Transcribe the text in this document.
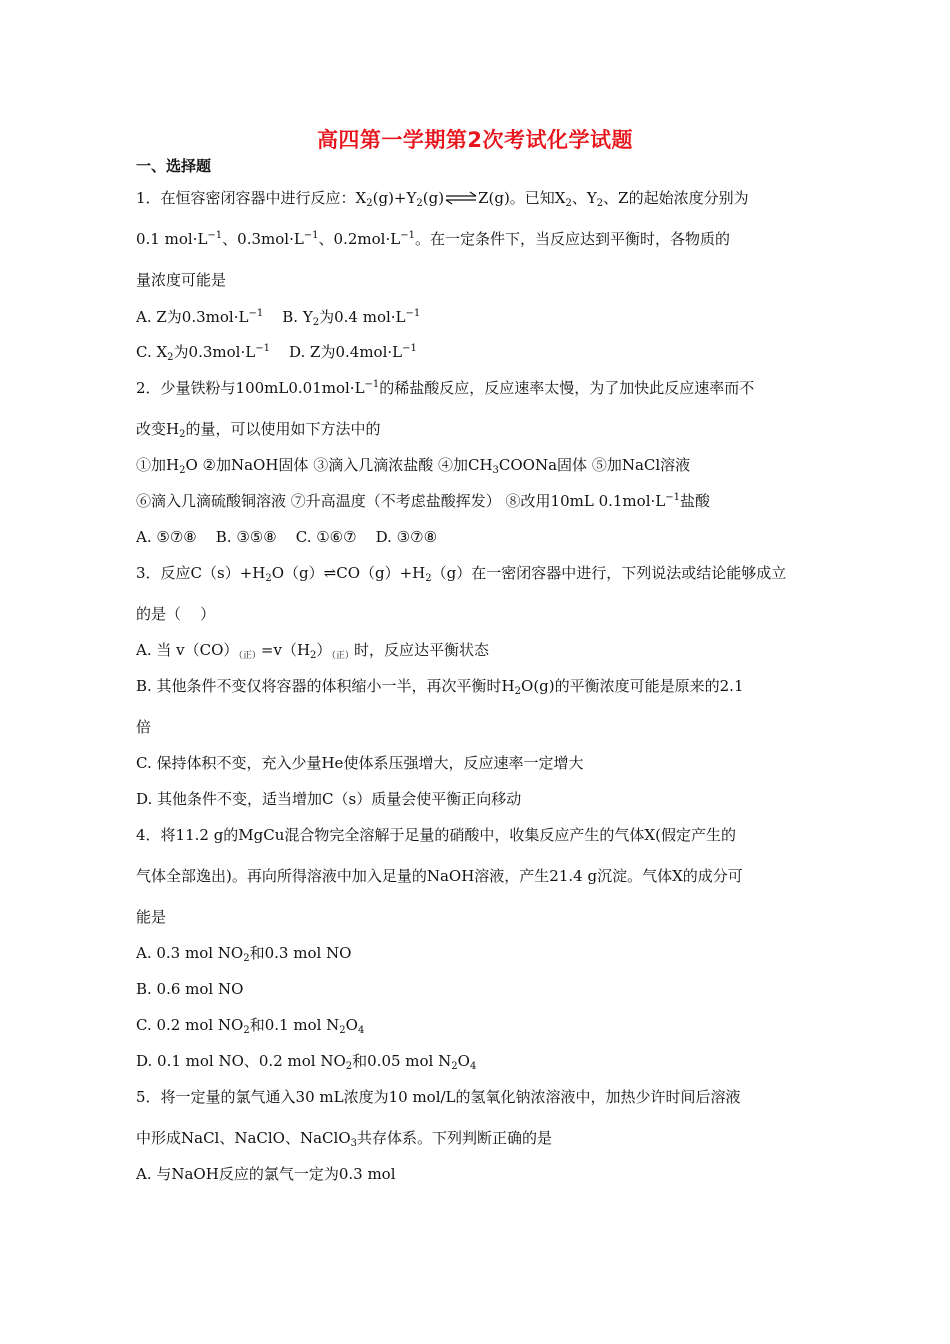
高四第一学期第2次考试化学试题
一、选择题
1．在恒容密闭容器中进行反应：$X_2(g)+Y_2(g)\rightleftharpoons Z(g)$。已知$X_2$、$Y_2$、Z的起始浓度分别为
0.1 $mol\cdot L^{-1}$、$0.3mol\cdot L^{-1}$、$0.2mol\cdot L^{-1}$。在一定条件下，当反应达到平衡时，各物质的
量浓度可能是
A. Z为$0.3mol\cdot L^{-1}$    B. $Y_2$为0.4 $mol\cdot L^{-1}$
C. $X_2$为$0.3mol\cdot L^{-1}$    D. Z为$0.4mol\cdot L^{-1}$
2．少量铁粉与$100mL0.01mol\cdot L^{-1}$的稀盐酸反应，反应速率太慢，为了加快此反应速率而不
改变$H_2$的量，可以使用如下方法中的
①加$H_2O$ ②加NaOH固体 ③滴入几滴浓盐酸 ④加$CH_3COONa$固体 ⑤加NaCl溶液
⑥滴入几滴硫酸铜溶液 ⑦升高温度（不考虑盐酸挥发） ⑧改用10mL $0.1mol\cdot L^{-1}$盐酸
A. ⑤⑦⑧    B. ③⑤⑧    C. ①⑥⑦    D. ③⑦⑧
3．反应$C(s)+H_2O(g)\rightleftharpoons CO(g)+H_2(g)$在一密闭容器中进行，下列说法或结论能够成立
的是（    ）
A. 当 $v(CO)_{(正)}=v(H_2)_{(正)}$时，反应达平衡状态
B. 其他条件不变仅将容器的体积缩小一半，再次平衡时$H_2O(g)$的平衡浓度可能是原来的2.1
倍
C. 保持体积不变，充入少量He使体系压强增大，反应速率一定增大
D. 其他条件不变，适当增加C（s）质量会使平衡正向移动
4．将11.2 g的MgCu混合物完全溶解于足量的硝酸中，收集反应产生的气体X(假定产生的
气体全部逸出)。再向所得溶液中加入足量的NaOH溶液，产生21.4 g沉淀。气体X的成分可
能是
A. 0.3 mol $NO_2$和0.3 mol NO
B. 0.6 mol NO
C. 0.2 mol $NO_2$和0.1 mol $N_2O_4$
D. 0.1 mol NO、0.2 mol $NO_2$和0.05 mol $N_2O_4$
5．将一定量的氯气通入30 mL浓度为10 mol/L的氢氧化钠浓溶液中，加热少许时间后溶液
中形成NaCl、NaClO、NaClO$_3$共存体系。下列判断正确的是
A. 与NaOH反应的氯气一定为0.3 mol
